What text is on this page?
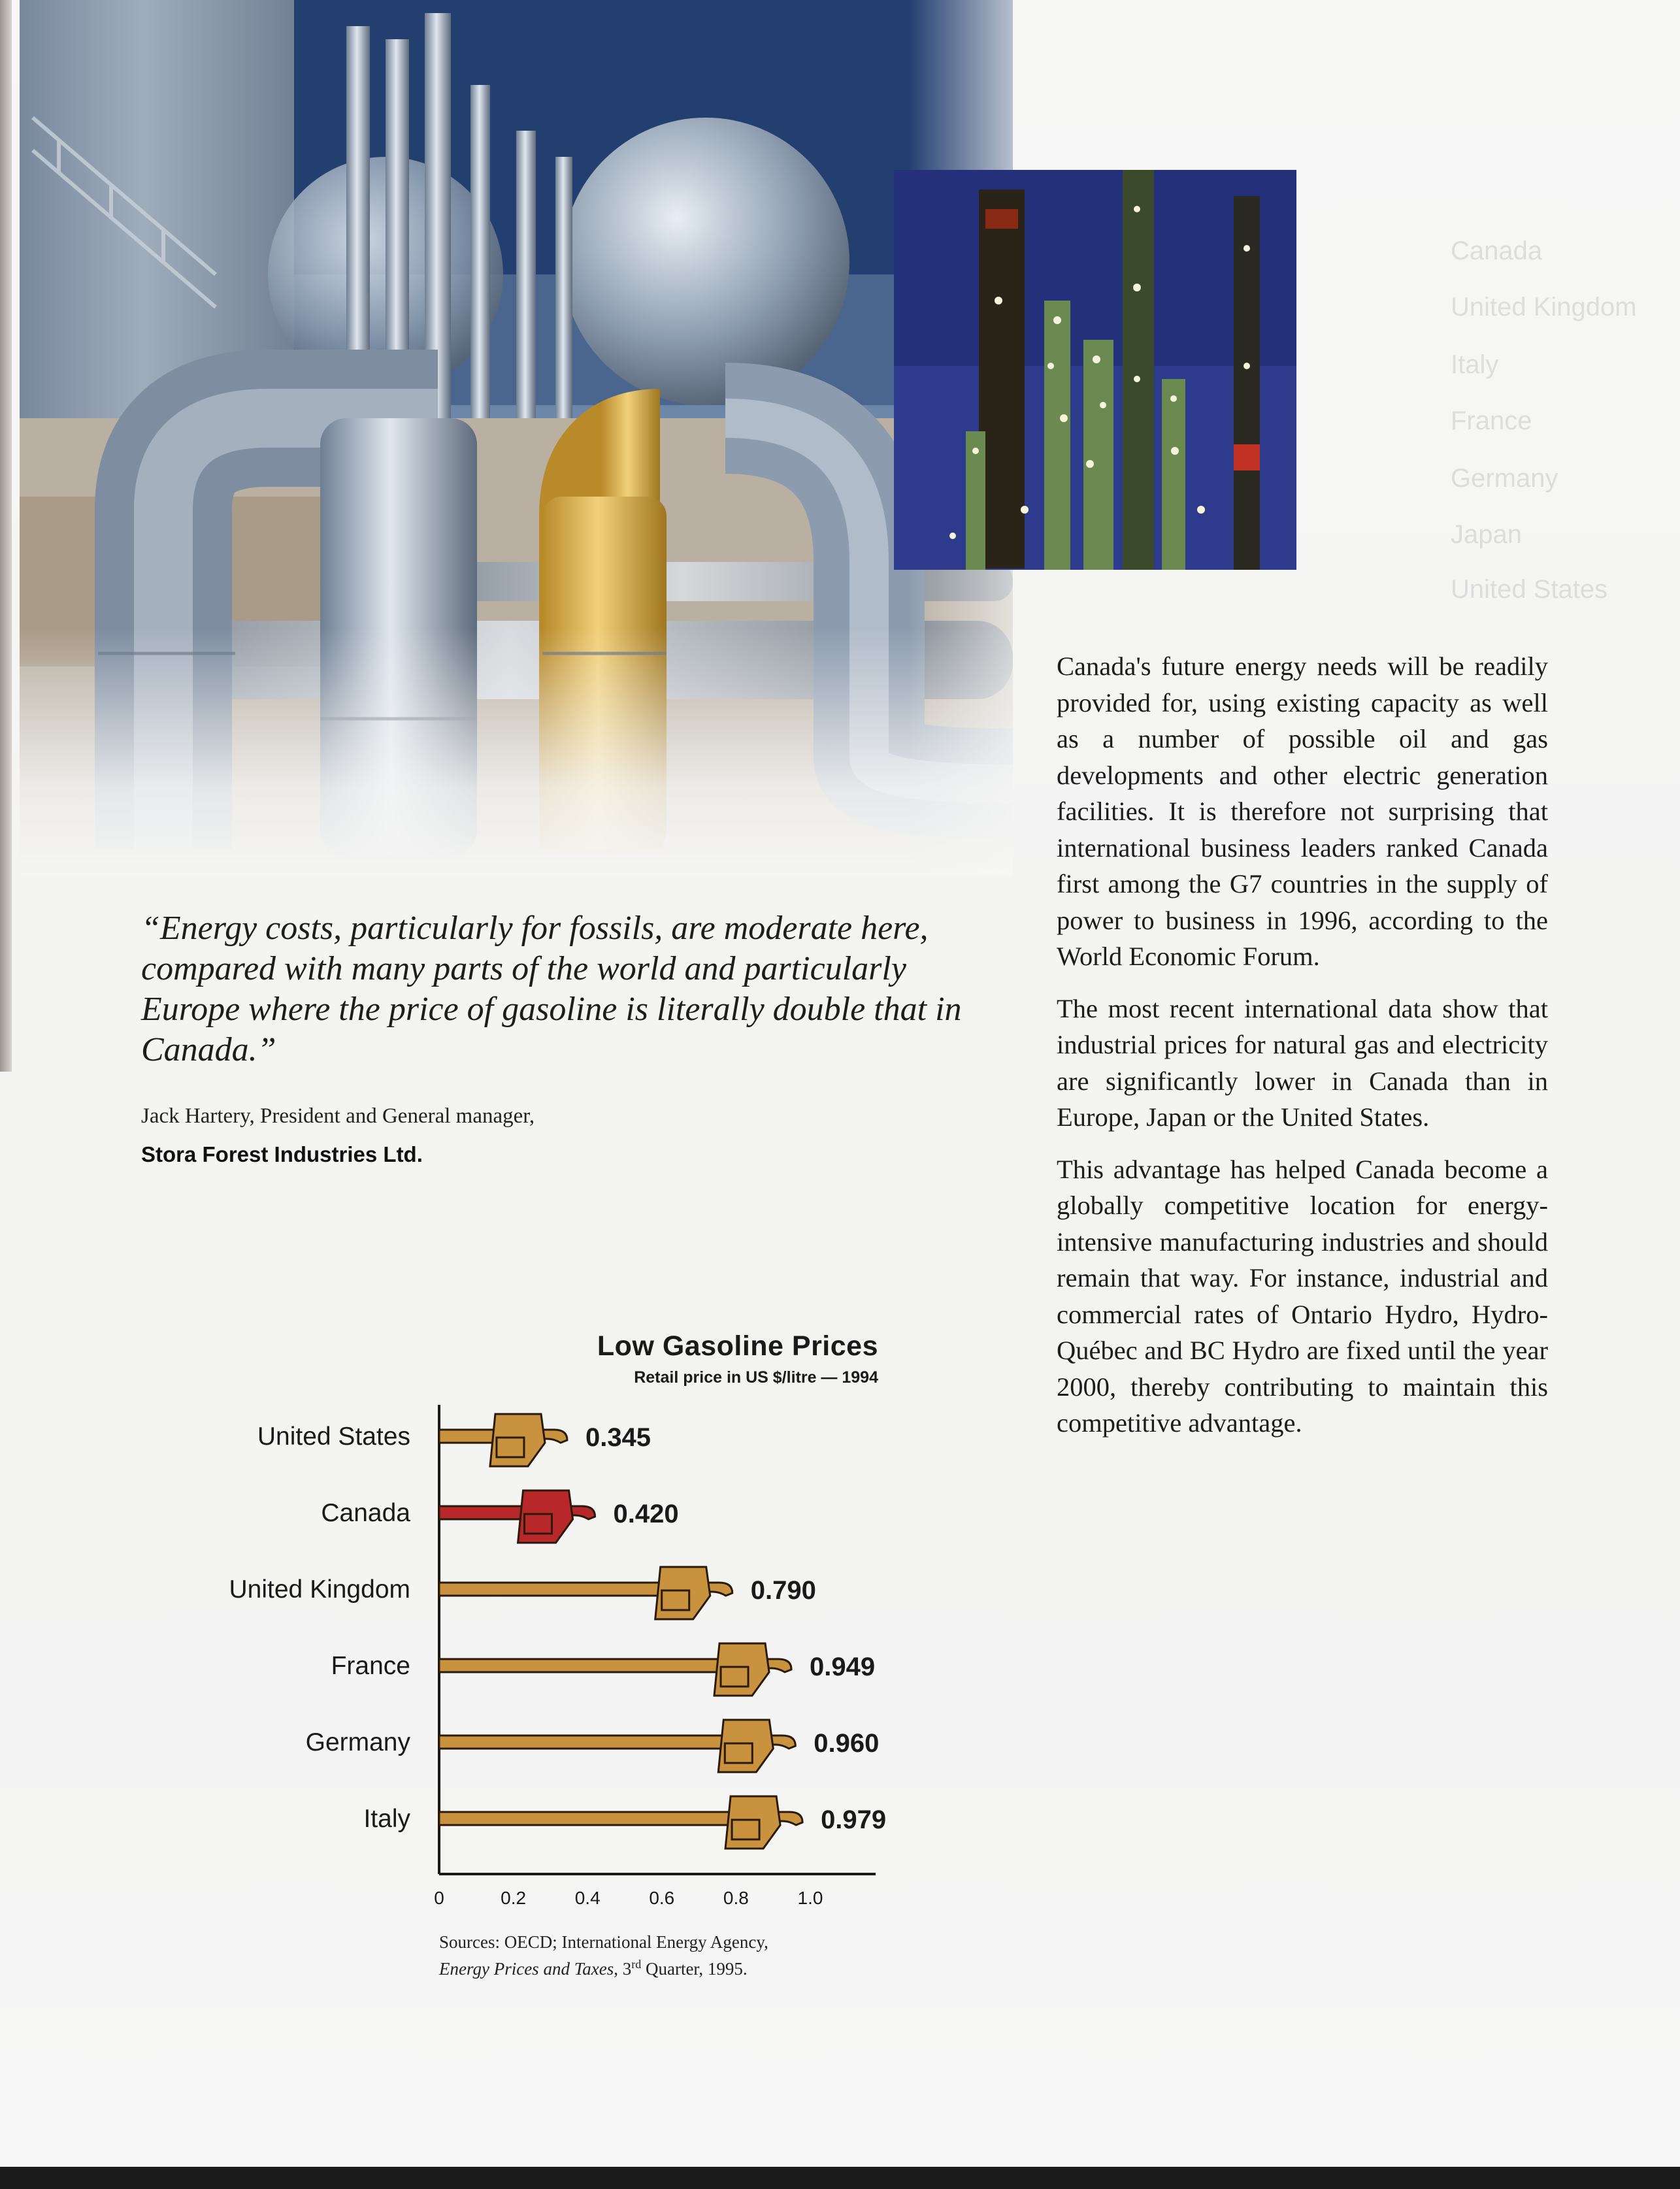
Canada
United Kingdom
Italy
France
Germany
Japan
United States

Canada's future energy needs will be readily provided for, using existing capacity as well as a number of possible oil and gas developments and other electric generation facilities. It is therefore not surprising that international business leaders ranked Canada first among the G7 countries in the supply of power to business in 1996, according to the World Economic Forum.

The most recent international data show that industrial prices for natural gas and electricity are significantly lower in Canada than in Europe, Japan or the United States.

This advantage has helped Canada become a globally competitive location for energy-intensive manufacturing industries and should remain that way. For instance, industrial and commercial rates of Ontario Hydro, Hydro-Québec and BC Hydro are fixed until the year 2000, thereby contributing to maintain this competitive advantage.

“Energy costs, particularly for fossils, are moderate here, compared with many parts of the world and particularly Europe where the price of gasoline is literally double that in Canada.”
Jack Hartery, President and General manager,
Stora Forest Industries Ltd.
Low Gasoline Prices
Retail price in US $/litre — 1994
0	0.2	0.4	0.6	0.8	1.0
United States	0.345
Canada	0.420
United Kingdom	0.790
France	0.949
Germany	0.960
Italy	0.979
Sources: OECD; International Energy Agency,
Energy Prices and Taxes, 3rd Quarter, 1995.
